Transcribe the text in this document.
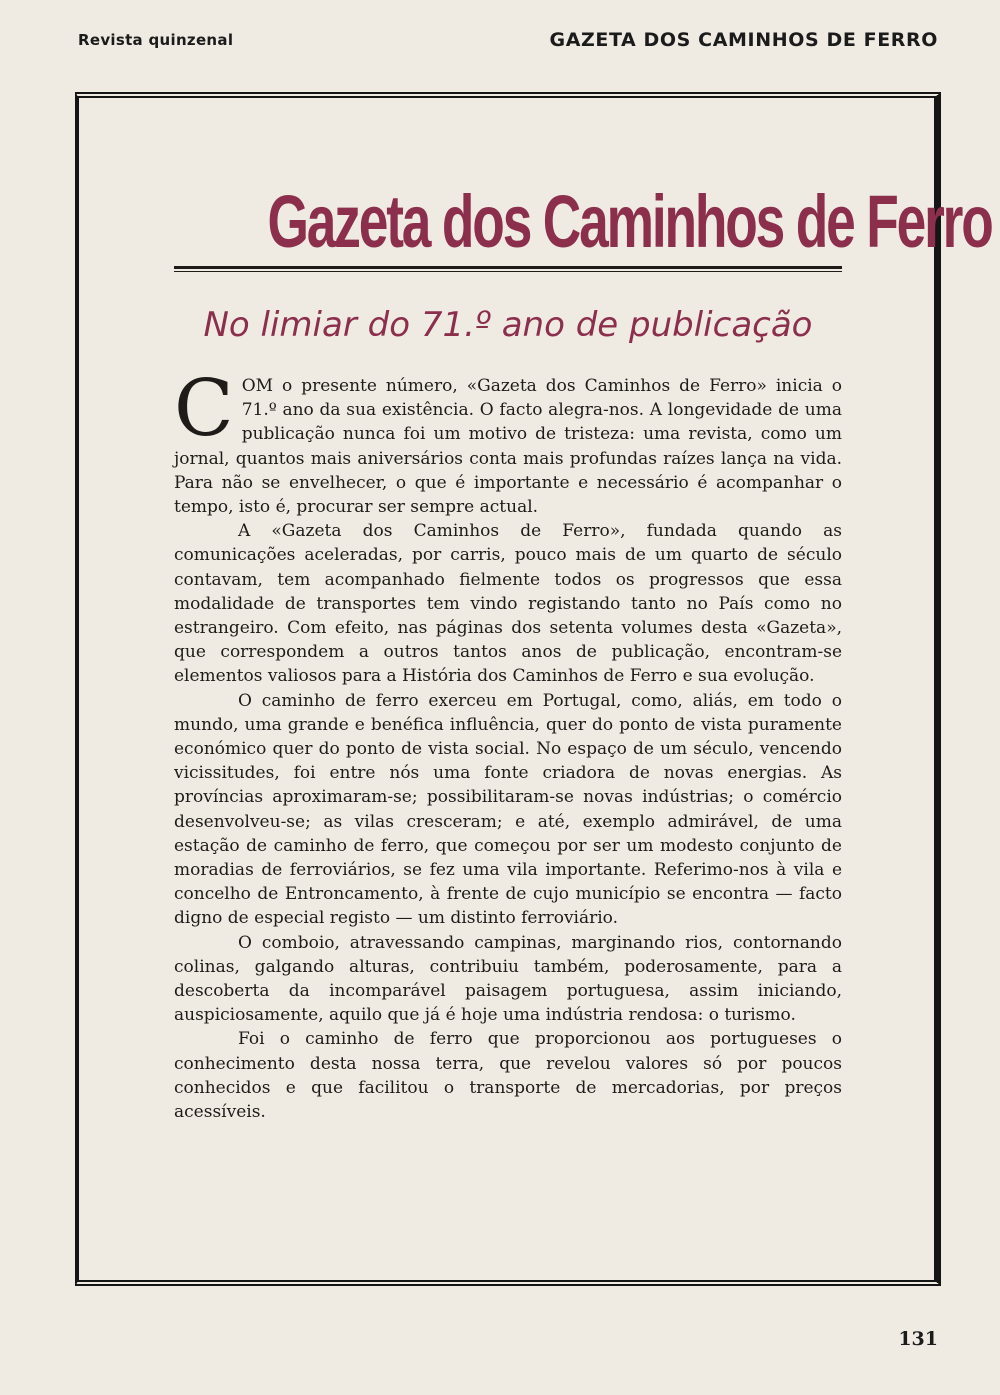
Revista quinzenal	GAZETA DOS CAMINHOS DE FERRO
Gazeta dos Caminhos de Ferro
No limiar do 71.º ano de publicação

COM o presente número, «Gazeta dos Caminhos de Ferro» inicia o 71.º ano da sua existência. O facto alegra-nos. A longevidade de uma publicação nunca foi um motivo de tristeza: uma revista, como um jornal, quantos mais aniversários conta mais profundas raízes lança na vida. Para não se envelhecer, o que é importante e necessário é acompanhar o tempo, isto é, procurar ser sempre actual.

A «Gazeta dos Caminhos de Ferro», fundada quando as comunicações aceleradas, por carris, pouco mais de um quarto de século contavam, tem acompanhado fielmente todos os progressos que essa modalidade de transportes tem vindo registando tanto no País como no estrangeiro. Com efeito, nas páginas dos setenta volumes desta «Gazeta», que correspondem a outros tantos anos de publicação, encontram-se elementos valiosos para a História dos Caminhos de Ferro e sua evolução.

O caminho de ferro exerceu em Portugal, como, aliás, em todo o mundo, uma grande e benéfica influência, quer do ponto de vista puramente económico quer do ponto de vista social. No espaço de um século, vencendo vicissitudes, foi entre nós uma fonte criadora de novas energias. As províncias aproximaram-se; possibilitaram-se novas indústrias; o comércio desenvolveu-se; as vilas cresceram; e até, exemplo admirável, de uma estação de caminho de ferro, que começou por ser um modesto conjunto de moradias de ferroviários, se fez uma vila importante. Referimo-nos à vila e concelho de Entroncamento, à frente de cujo município se encontra — facto digno de especial registo — um distinto ferroviário.

O comboio, atravessando campinas, marginando rios, contornando colinas, galgando alturas, contribuiu também, poderosamente, para a descoberta da incomparável paisagem portuguesa, assim iniciando, auspiciosamente, aquilo que já é hoje uma indústria rendosa: o turismo.

Foi o caminho de ferro que proporcionou aos portugueses o conhecimento desta nossa terra, que revelou valores só por poucos conhecidos e que facilitou o transporte de mercadorias, por preços acessíveis.

131
